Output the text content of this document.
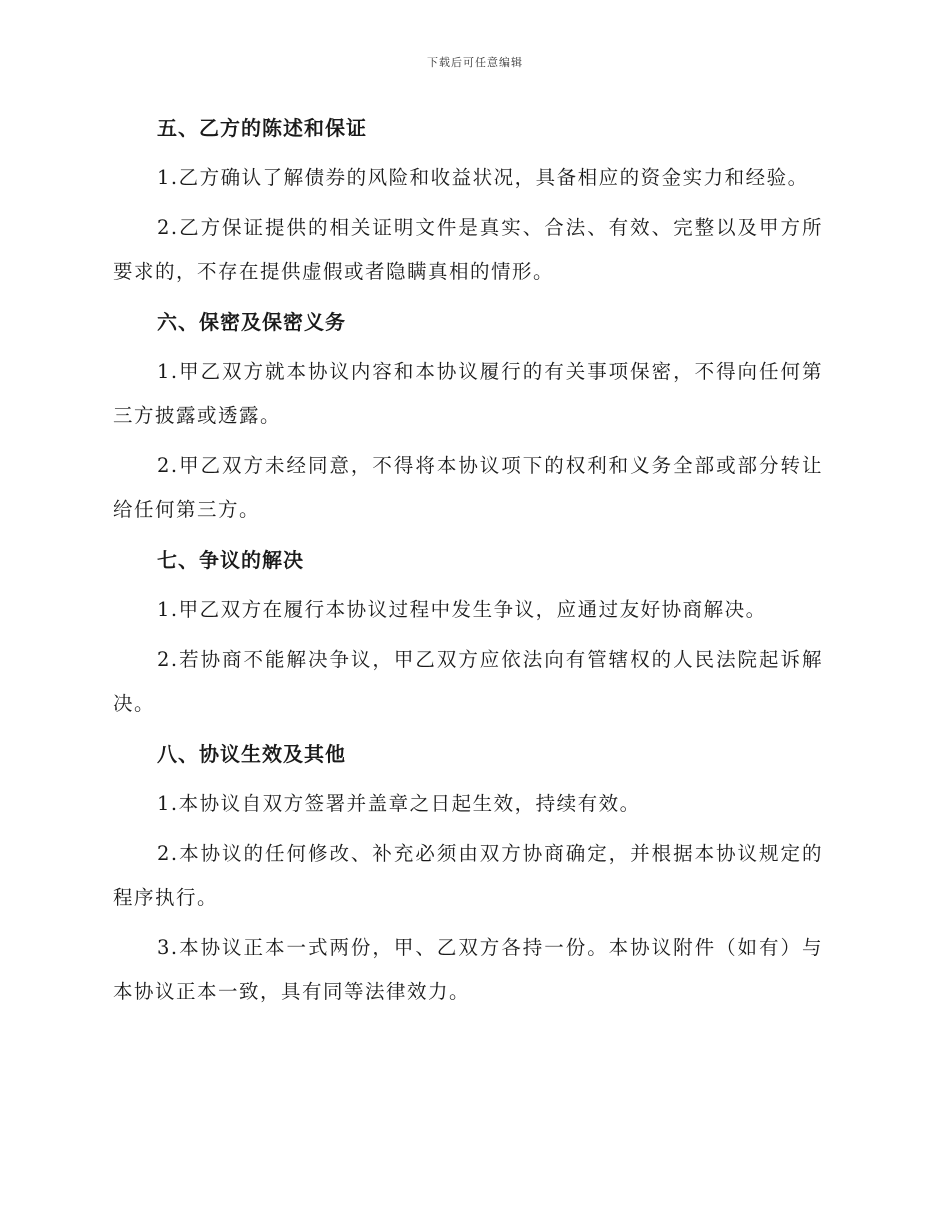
下载后可任意编辑
五、乙方的陈述和保证

1.乙方确认了解债券的风险和收益状况，具备相应的资金实力和经验。

2.乙方保证提供的相关证明文件是真实、合法、有效、完整以及甲方所要求的，不存在提供虚假或者隐瞒真相的情形。

六、保密及保密义务

1.甲乙双方就本协议内容和本协议履行的有关事项保密，不得向任何第三方披露或透露。

2.甲乙双方未经同意，不得将本协议项下的权利和义务全部或部分转让给任何第三方。

七、争议的解决

1.甲乙双方在履行本协议过程中发生争议，应通过友好协商解决。

2.若协商不能解决争议，甲乙双方应依法向有管辖权的人民法院起诉解决。

八、协议生效及其他

1.本协议自双方签署并盖章之日起生效，持续有效。

2.本协议的任何修改、补充必须由双方协商确定，并根据本协议规定的程序执行。

3.本协议正本一式两份，甲、乙双方各持一份。本协议附件（如有）与本协议正本一致，具有同等法律效力。
